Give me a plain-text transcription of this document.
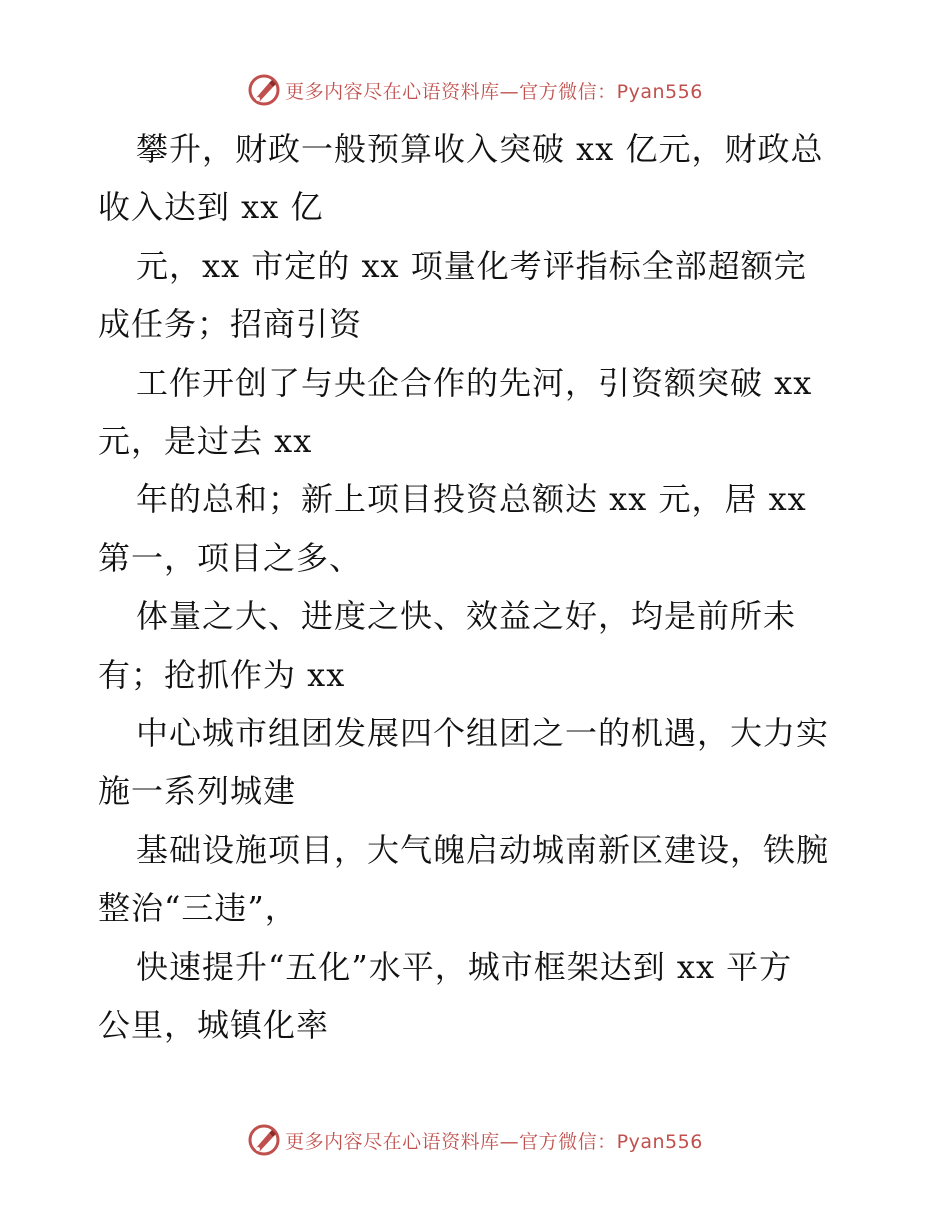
更多内容尽在心语资料库—官方微信：Pyan556

攀升，财政一般预算收入突破 xx 亿元，财政总
收入达到 xx 亿

元，xx 市定的 xx 项量化考评指标全部超额完
成任务；招商引资

工作开创了与央企合作的先河，引资额突破 xx
元，是过去 xx

年的总和；新上项目投资总额达 xx 元，居 xx
第一，项目之多、

体量之大、进度之快、效益之好，均是前所未
有；抢抓作为 xx

中心城市组团发展四个组团之一的机遇，大力实
施一系列城建

基础设施项目，大气魄启动城南新区建设，铁腕
整治“三违”，

快速提升“五化”水平，城市框架达到 xx 平方
公里，城镇化率

更多内容尽在心语资料库—官方微信：Pyan556
